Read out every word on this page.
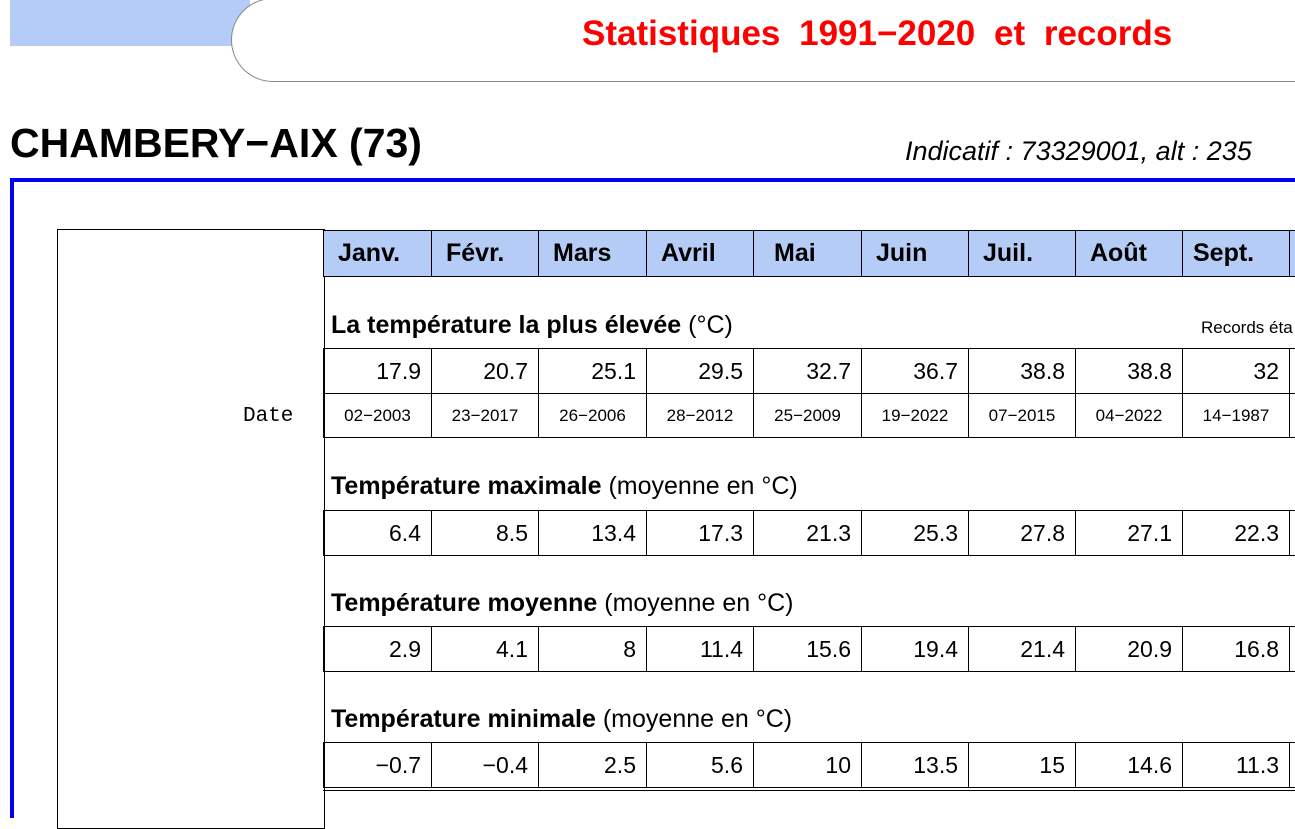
Statistiques 1991−2020 et records
CHAMBERY−AIX (73)	Indicatif : 73329001, alt : 235
Date
Janv.	Févr.	Mars	Avril	Mai	Juin	Juil.	Août	Sept.
La température la plus élevée (°C)	Records éta
17.9	20.7	25.1	29.5	32.7	36.7	38.8	38.8	32
02−2003	23−2017	26−2006	28−2012	25−2009	19−2022	07−2015	04−2022	14−1987
Température maximale (moyenne en °C)
6.4	8.5	13.4	17.3	21.3	25.3	27.8	27.1	22.3
Température moyenne (moyenne en °C)
2.9	4.1	8	11.4	15.6	19.4	21.4	20.9	16.8
Température minimale (moyenne en °C)
−0.7	−0.4	2.5	5.6	10	13.5	15	14.6	11.3
